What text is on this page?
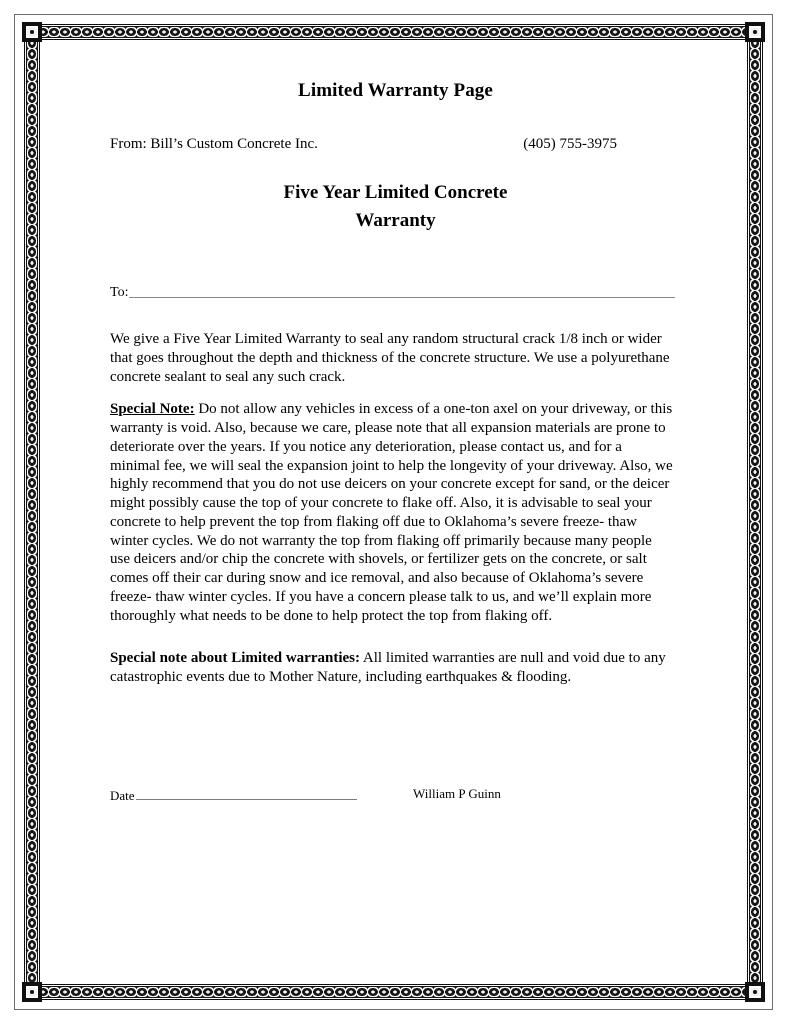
Limited Warranty Page
From: Bill’s Custom Concrete Inc.	(405) 755-3975
Five Year Limited Concrete
Warranty
To:

We give a Five Year Limited Warranty to seal any random structural crack 1/8 inch or wider that goes throughout the depth and thickness of the concrete structure. We use a polyurethane concrete sealant to seal any such crack.

Special Note: Do not allow any vehicles in excess of a one-ton axel on your driveway, or this warranty is void. Also, because we care, please note that all expansion materials are prone to deteriorate over the years. If you notice any deterioration, please contact us, and for a minimal fee, we will seal the expansion joint to help the longevity of your driveway. Also, we highly recommend that you do not use deicers on your concrete except for sand, or the deicer might possibly cause the top of your concrete to flake off. Also, it is advisable to seal your concrete to help prevent the top from flaking off due to Oklahoma’s severe freeze- thaw winter cycles. We do not warranty the top from flaking off primarily because many people use deicers and/or chip the concrete with shovels, or fertilizer gets on the concrete, or salt comes off their car during snow and ice removal, and also because of Oklahoma’s severe freeze- thaw winter cycles. If you have a concern please talk to us, and we’ll explain more thoroughly what needs to be done to help protect the top from flaking off.

Special note about Limited warranties: All limited warranties are null and void due to any catastrophic events due to Mother Nature, including earthquakes & flooding.

Date	William P Guinn
